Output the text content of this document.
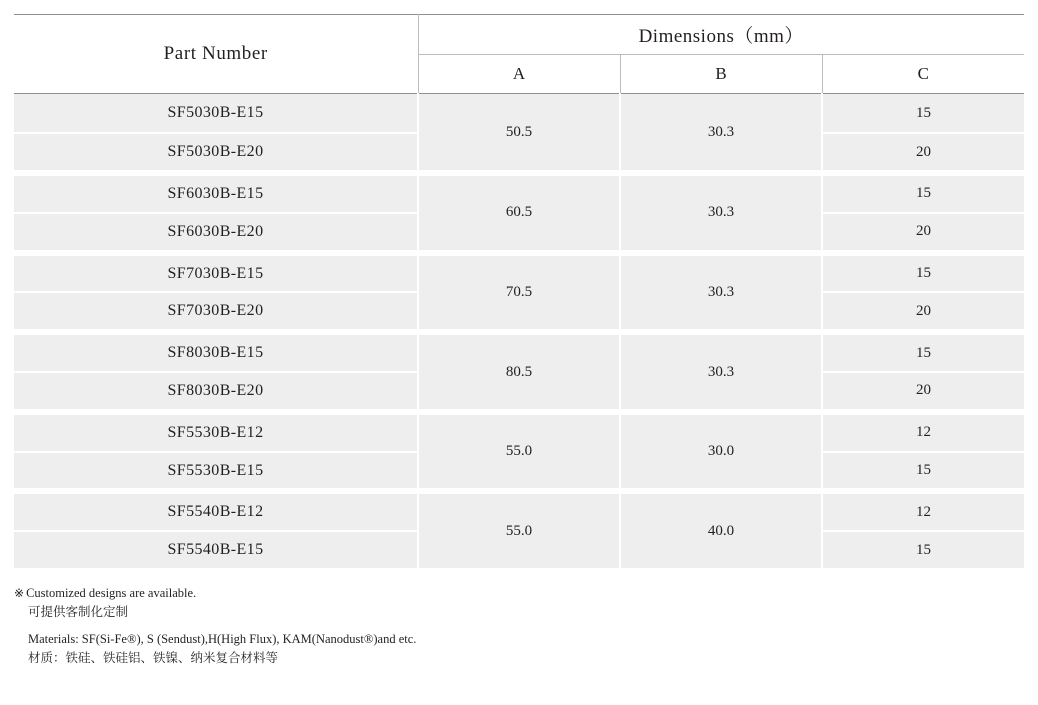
Part Number	Dimensions（mm）		
	A	B	C
SF5030B-E15	50.5	30.3	15
SF5030B-E20			20
SF6030B-E15	60.5	30.3	15
SF6030B-E20			20
SF7030B-E15	70.5	30.3	15
SF7030B-E20			20
SF8030B-E15	80.5	30.3	15
SF8030B-E20			20
SF5530B-E12	55.0	30.0	12
SF5530B-E15			15
SF5540B-E12	55.0	40.0	12
SF5540B-E15			15
※ Customized designs are available.
可提供客制化定制
Materials: SF(Si-Fe®), S (Sendust),H(High Flux), KAM(Nanodust®)and etc.
材质：铁硅、铁硅铝、铁镍、纳米复合材料等
